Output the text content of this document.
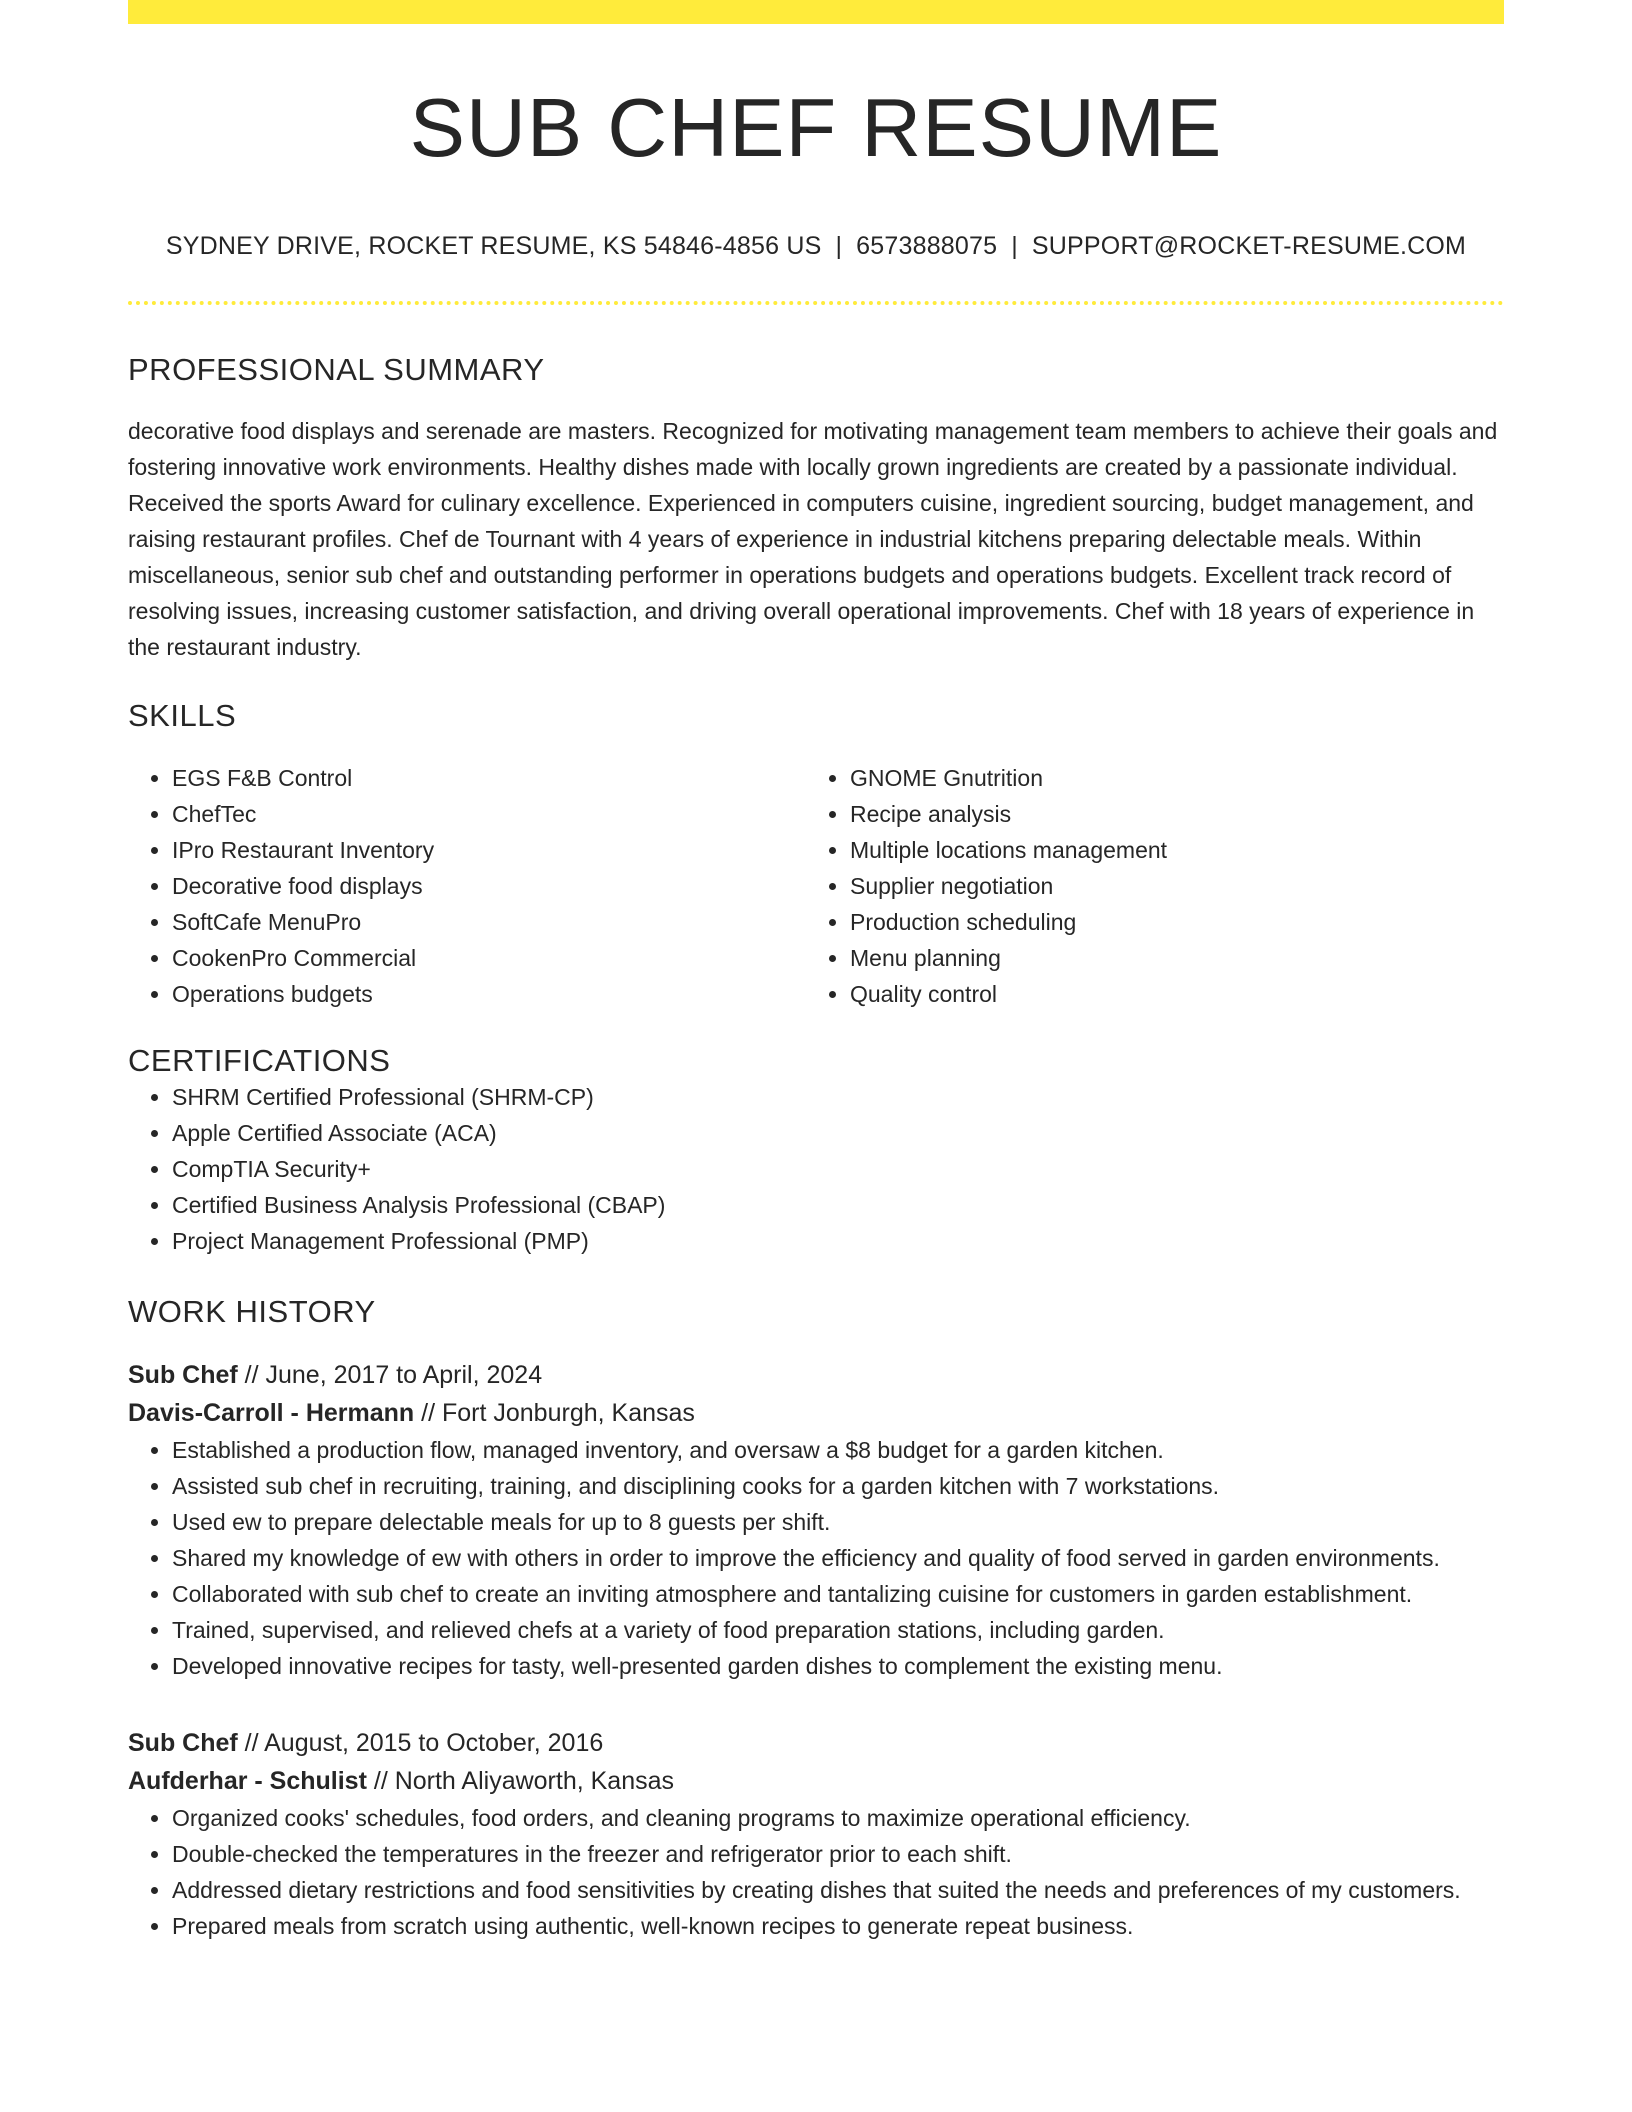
SUB CHEF RESUME
SYDNEY DRIVE, ROCKET RESUME, KS 54846-4856 US | 6573888075 | SUPPORT@ROCKET-RESUME.COM
PROFESSIONAL SUMMARY
decorative food displays and serenade are masters. Recognized for motivating management team members to achieve their goals and fostering innovative work environments. Healthy dishes made with locally grown ingredients are created by a passionate individual. Received the sports Award for culinary excellence. Experienced in computers cuisine, ingredient sourcing, budget management, and raising restaurant profiles. Chef de Tournant with 4 years of experience in industrial kitchens preparing delectable meals. Within miscellaneous, senior sub chef and outstanding performer in operations budgets and operations budgets. Excellent track record of resolving issues, increasing customer satisfaction, and driving overall operational improvements. Chef with 18 years of experience in the restaurant industry.
SKILLS
• EGS F&B Control
• ChefTec
• IPro Restaurant Inventory
• Decorative food displays
• SoftCafe MenuPro
• CookenPro Commercial
• Operations budgets
• GNOME Gnutrition
• Recipe analysis
• Multiple locations management
• Supplier negotiation
• Production scheduling
• Menu planning
• Quality control
CERTIFICATIONS
• SHRM Certified Professional (SHRM-CP)
• Apple Certified Associate (ACA)
• CompTIA Security+
• Certified Business Analysis Professional (CBAP)
• Project Management Professional (PMP)
WORK HISTORY
Sub Chef // June, 2017 to April, 2024
Davis-Carroll - Hermann // Fort Jonburgh, Kansas
• Established a production flow, managed inventory, and oversaw a $8 budget for a garden kitchen.
• Assisted sub chef in recruiting, training, and disciplining cooks for a garden kitchen with 7 workstations.
• Used ew to prepare delectable meals for up to 8 guests per shift.
• Shared my knowledge of ew with others in order to improve the efficiency and quality of food served in garden environments.
• Collaborated with sub chef to create an inviting atmosphere and tantalizing cuisine for customers in garden establishment.
• Trained, supervised, and relieved chefs at a variety of food preparation stations, including garden.
• Developed innovative recipes for tasty, well-presented garden dishes to complement the existing menu.
Sub Chef // August, 2015 to October, 2016
Aufderhar - Schulist // North Aliyaworth, Kansas
• Organized cooks' schedules, food orders, and cleaning programs to maximize operational efficiency.
• Double-checked the temperatures in the freezer and refrigerator prior to each shift.
• Addressed dietary restrictions and food sensitivities by creating dishes that suited the needs and preferences of my customers.
• Prepared meals from scratch using authentic, well-known recipes to generate repeat business.
